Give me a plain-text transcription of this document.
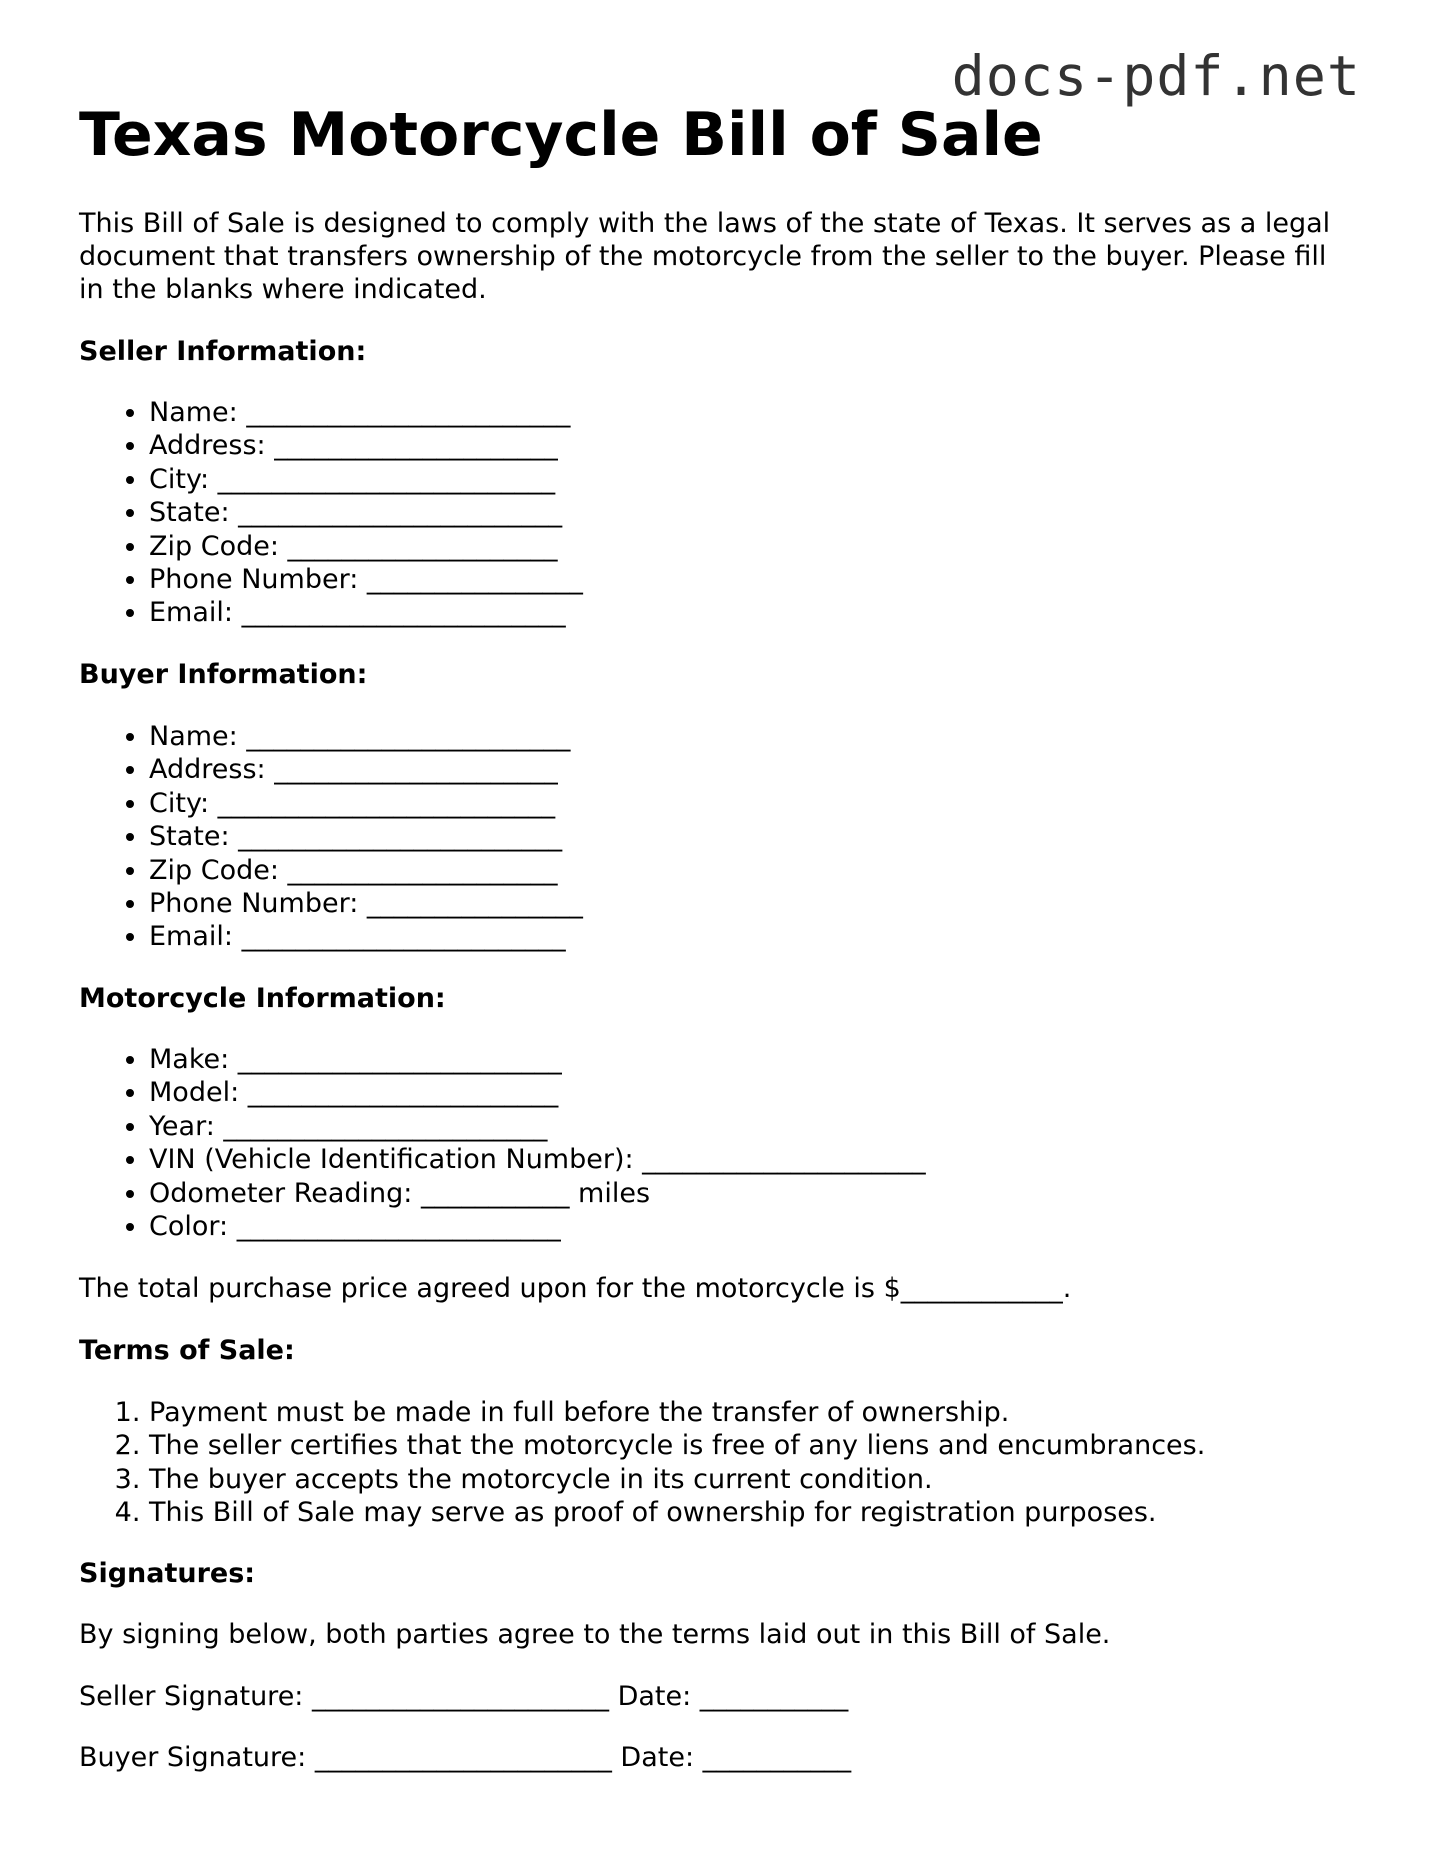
docs-pdf.net
Texas Motorcycle Bill of Sale

This Bill of Sale is designed to comply with the laws of the state of Texas. It serves as a legal document that transfers ownership of the motorcycle from the seller to the buyer. Please fill in the blanks where indicated.

Seller Information:
• Name: ________________________
• Address: _____________________
• City: _________________________
• State: ________________________
• Zip Code: ____________________
• Phone Number: ________________
• Email: ________________________
Buyer Information:
• Name: ________________________
• Address: _____________________
• City: _________________________
• State: ________________________
• Zip Code: ____________________
• Phone Number: ________________
• Email: ________________________
Motorcycle Information:
• Make: ________________________
• Model: _______________________
• Year: ________________________
• VIN (Vehicle Identification Number): _____________________
• Odometer Reading: ___________ miles
• Color: ________________________

The total purchase price agreed upon for the motorcycle is $____________.

Terms of Sale:
1. Payment must be made in full before the transfer of ownership.
2. The seller certifies that the motorcycle is free of any liens and encumbrances.
3. The buyer accepts the motorcycle in its current condition.
4. This Bill of Sale may serve as proof of ownership for registration purposes.
Signatures:

By signing below, both parties agree to the terms laid out in this Bill of Sale.

Seller Signature: ______________________ Date: ___________

Buyer Signature: ______________________ Date: ___________
